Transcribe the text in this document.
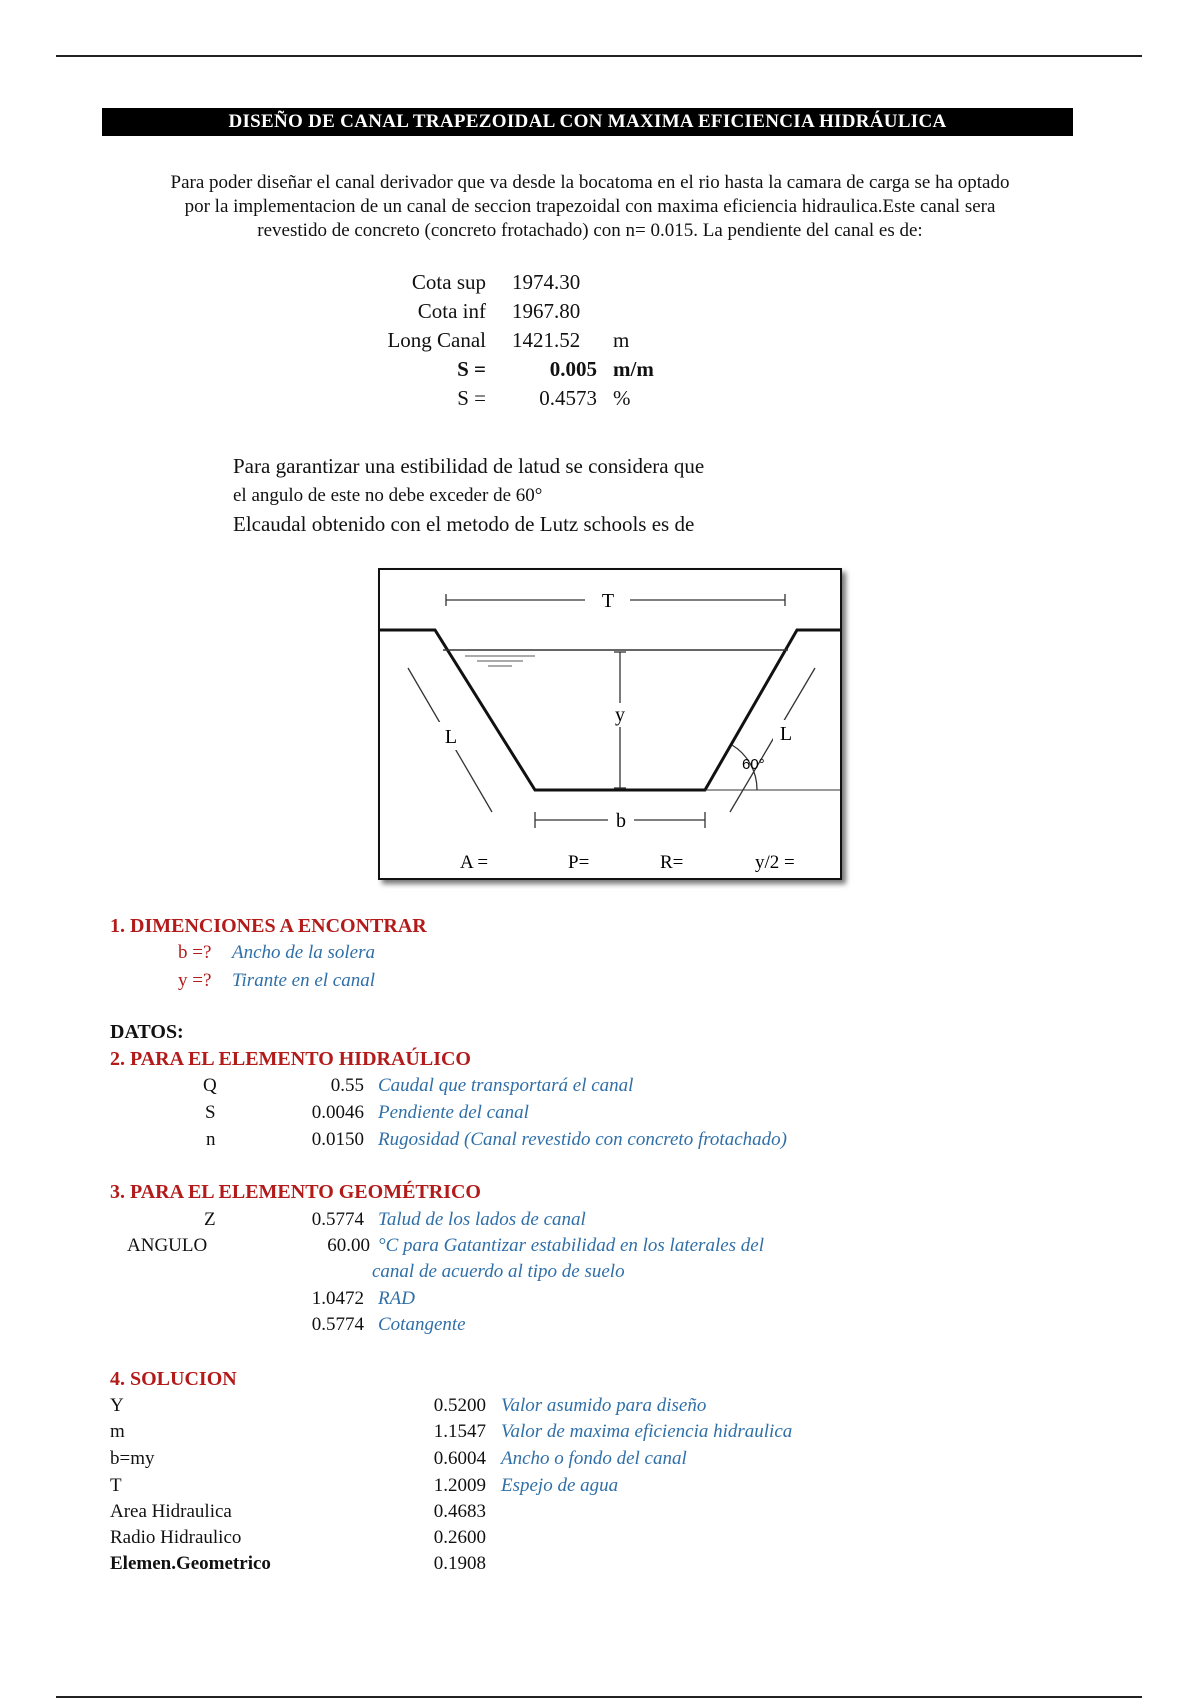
DISEÑO DE CANAL TRAPEZOIDAL CON MAXIMA EFICIENCIA HIDRÁULICA
Para poder diseñar el canal derivador que va desde la bocatoma en el rio hasta la camara de carga se ha optado
por la implementacion de un canal de seccion trapezoidal con maxima eficiencia hidraulica.Este canal sera
revestido de concreto (concreto frotachado) con n= 0.015. La pendiente del canal es de:
Cota sup 1974.30
Cota inf 1967.80
Long Canal 1421.52	m
S =	0.005 m/m
S =	0.4573 %
Para garantizar una estibilidad de latud se considera que
el angulo de este no debe exceder de 60°
Elcaudal obtenido con el metodo de Lutz schools es de
T
y
b
L	L
60°
A =	P=	R=	y/2 =
1. DIMENCIONES A ENCONTRAR
b =? Ancho de la solera
y =? Tirante en el canal
DATOS:
2. PARA EL ELEMENTO HIDRAÚLICO
Q	0.55 Caudal que transportará el canal
S	0.0046 Pendiente del canal
n	0.0150 Rugosidad (Canal revestido con concreto frotachado)
3. PARA EL ELEMENTO GEOMÉTRICO
Z	0.5774 Talud de los lados de canal
ANGULO	60.00 °C para Gatantizar estabilidad en los laterales del
canal de acuerdo al tipo de suelo
1.0472 RAD
0.5774 Cotangente
4. SOLUCION
Y	0.5200 Valor asumido para diseño
m	1.1547 Valor de maxima eficiencia hidraulica
b=my	0.6004 Ancho o fondo del canal
T	1.2009 Espejo de agua
Area Hidraulica	0.4683
Radio Hidraulico	0.2600
Elemen.Geometrico	0.1908
